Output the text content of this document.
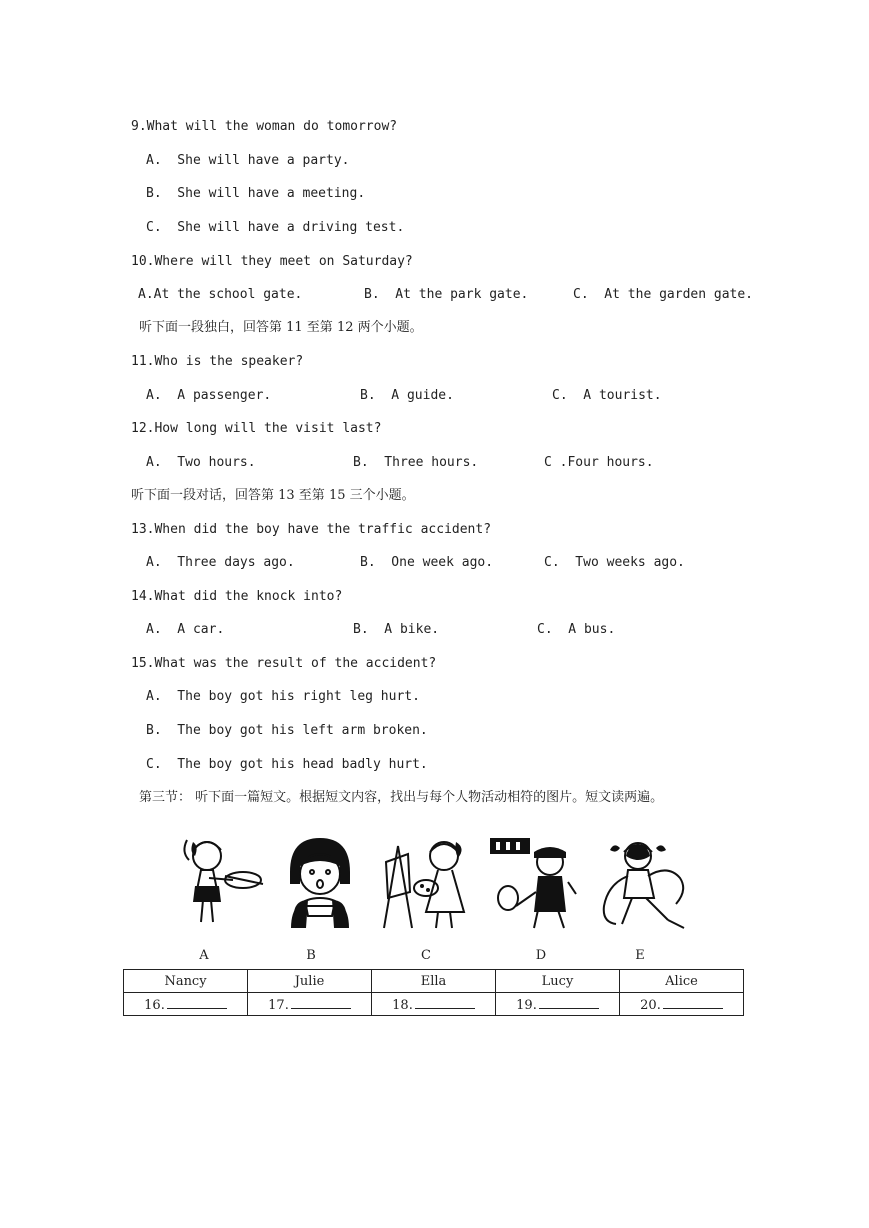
9.What will the woman do tomorrow?
A.  She will have a party.
B.  She will have a meeting.
C.  She will have a driving test.
10.Where will they meet on Saturday?
A.At the school gate.	B.  At the park gate.	C.  At the garden gate.
听下面一段独白，回答第 11 至第 12 两个小题。
11.Who is the speaker?
A.  A passenger.	B.  A guide.	C.  A tourist.
12.How long will the visit last?
A.  Two hours.	B.  Three hours.	C .Four hours.
听下面一段对话，回答第 13 至第 15 三个小题。
13.When did the boy have the traffic accident?
A.  Three days ago.	B.  One week ago.	C.  Two weeks ago.
14.What did the knock into?
A.  A car.	B.  A bike.	C.  A bus.
15.What was the result of the accident?
A.  The boy got his right leg hurt.
B.  The boy got his left arm broken.
C.  The boy got his head badly hurt.
第三节： 听下面一篇短文。根据短文内容，找出与每个人物活动相符的图片。短文读两遍。
A	B	C	D	E
Nancy	Julie	Ella	Lucy	Alice
16.	17.	18.	19.	20.
